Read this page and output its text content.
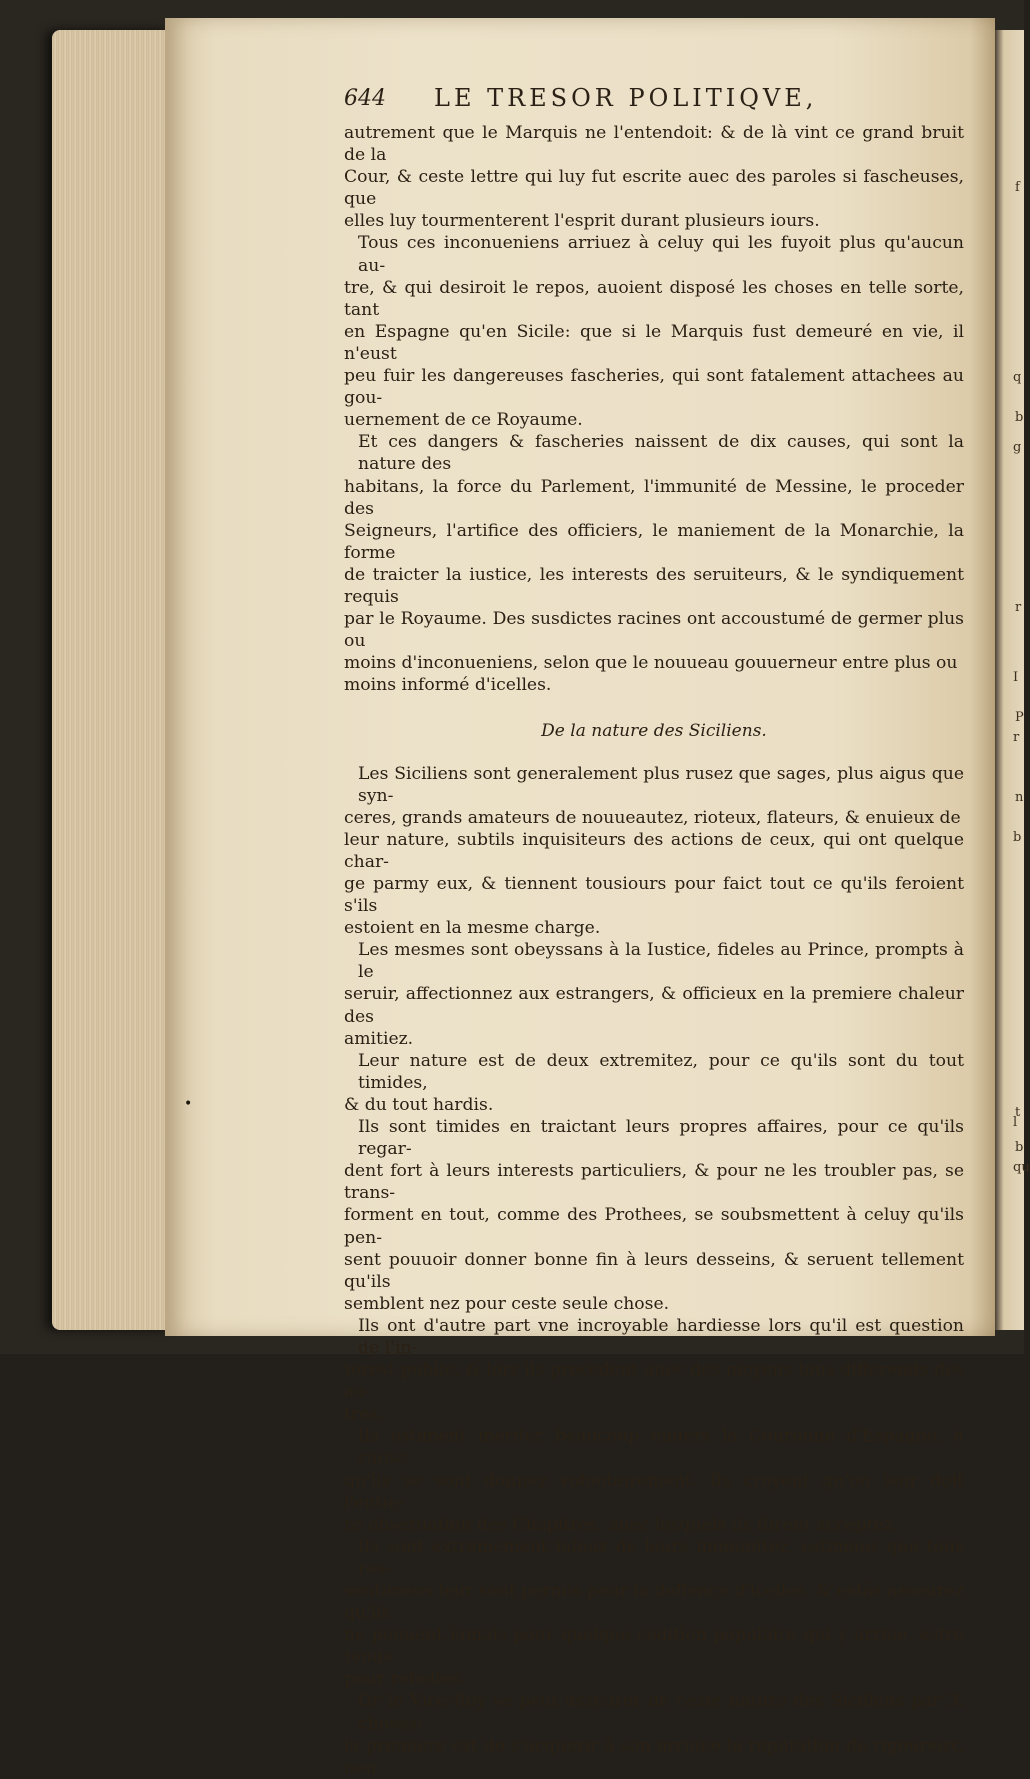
f
q
b
g
r
I
P
r
n
b
t
l
b
qu
644 LE TRESOR POLITIQVE,
autrement que le Marquis ne l'entendoit: & de là vint ce grand bruit de la
Cour, & ceste lettre qui luy fut escrite auec des paroles si fascheuses, que
elles luy tourmenterent l'esprit durant plusieurs iours.
Tous ces inconueniens arriuez à celuy qui les fuyoit plus qu'aucun au-
tre, & qui desiroit le repos, auoient disposé les choses en telle sorte, tant
en Espagne qu'en Sicile: que si le Marquis fust demeuré en vie, il n'eust
peu fuir les dangereuses fascheries, qui sont fatalement attachees au gou-
uernement de ce Royaume.
Et ces dangers & fascheries naissent de dix causes, qui sont la nature des
habitans, la force du Parlement, l'immunité de Messine, le proceder des
Seigneurs, l'artifice des officiers, le maniement de la Monarchie, la forme
de traicter la iustice, les interests des seruiteurs, & le syndiquement requis
par le Royaume. Des susdictes racines ont accoustumé de germer plus ou
moins d'inconueniens, selon que le nouueau gouuerneur entre plus ou
moins informé d'icelles.
De la nature des Siciliens.
Les Siciliens sont generalement plus rusez que sages, plus aigus que syn-
ceres, grands amateurs de nouueautez, rioteux, flateurs, & enuieux de
leur nature, subtils inquisiteurs des actions de ceux, qui ont quelque char-
ge parmy eux, & tiennent tousiours pour faict tout ce qu'ils feroient s'ils
estoient en la mesme charge.
Les mesmes sont obeyssans à la Iustice, fideles au Prince, prompts à le
seruir, affectionnez aux estrangers, & officieux en la premiere chaleur des
amitiez.
Leur nature est de deux extremitez, pour ce qu'ils sont du tout timides,
& du tout hardis.
Ils sont timides en traictant leurs propres affaires, pour ce qu'ils regar-
dent fort à leurs interests particuliers, & pour ne les troubler pas, se trans-
forment en tout, comme des Prothees, se soubsmettent à celuy qu'ils pen-
sent pouuoir donner bonne fin à leurs desseins, & seruent tellement qu'ils
semblent nez pour ceste seule chose.
Ils ont d'autre part vne incroyable hardiesse lors qu'il est question de l'in-
terest public, & lors ils procedent auec des moyens tous differends des au-
tres.
Ils estiment meriter beaucoup enuers la Couronne d'Espagne, à cause
qu'ils se sont donnez volontairement. Ils croyent qu'on leur doit l'entie-
re obseruation des Chapitres, auec lesquels ils furent acceptez.
Ils sont extremement ialoux de leurs immunitez, estimans que tous res-
sentimens leur sont permis pour la deffence d'icelles, & estãs asseurez qu'ils
ne peuuent iamais pour quelque sedition populaire qui y arriue, estre tenus
pour rebelles.
Or le Vice-Roy se peut asseurer de ceste nature des Siciliens par 3. choses:
la premiere est de s'acquerir à son arriuee la reputation de rigoureux, non
•
